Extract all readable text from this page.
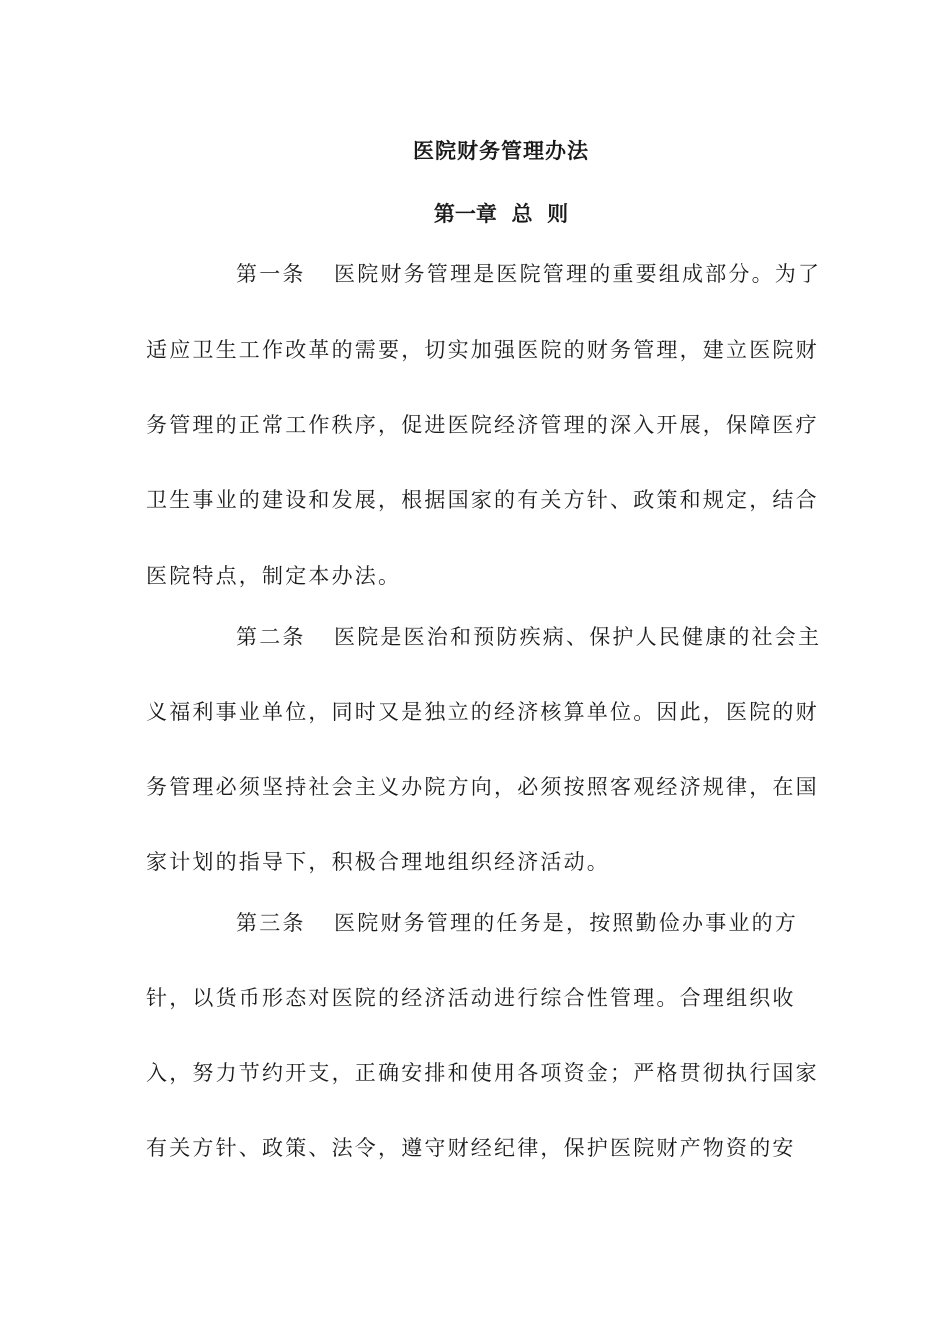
医院财务管理办法
第一章  总  则
第一条 医院财务管理是医院管理的重要组成部分。为了
适应卫生工作改革的需要，切实加强医院的财务管理，建立医院财
务管理的正常工作秩序，促进医院经济管理的深入开展，保障医疗
卫生事业的建设和发展，根据国家的有关方针、政策和规定，结合
医院特点，制定本办法。
第二条 医院是医治和预防疾病、保护人民健康的社会主
义福利事业单位，同时又是独立的经济核算单位。因此，医院的财
务管理必须坚持社会主义办院方向，必须按照客观经济规律，在国
家计划的指导下，积极合理地组织经济活动。
第三条 医院财务管理的任务是，按照勤俭办事业的方
针，以货币形态对医院的经济活动进行综合性管理。合理组织收
入，努力节约开支，正确安排和使用各项资金；严格贯彻执行国家
有关方针、政策、法令，遵守财经纪律，保护医院财产物资的安
